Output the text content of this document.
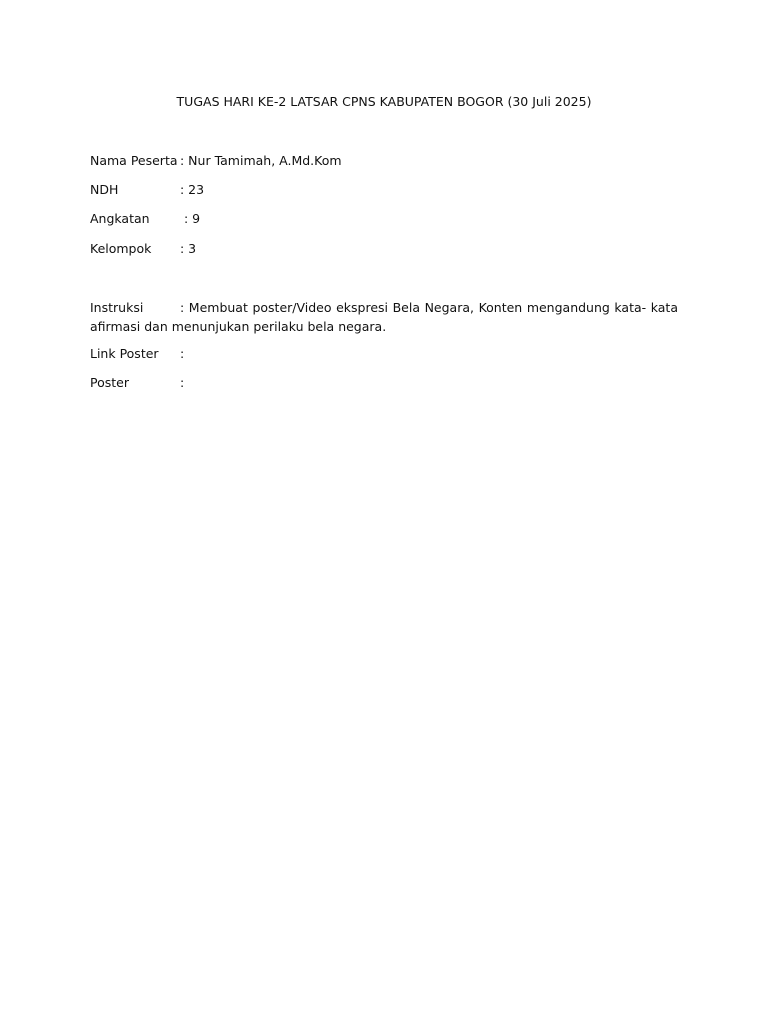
TUGAS HARI KE-2 LATSAR CPNS KABUPATEN BOGOR (30 Juli 2025)
Nama Peserta : Nur Tamimah, A.Md.Kom
NDH	: 23
Angkatan : 9
Kelompok : 3
Instruksi	: Membuat poster/Video ekspresi Bela Negara, Konten mengandung kata- kata afirmasi dan menunjukan perilaku bela negara.
Link Poster :
Poster	:
